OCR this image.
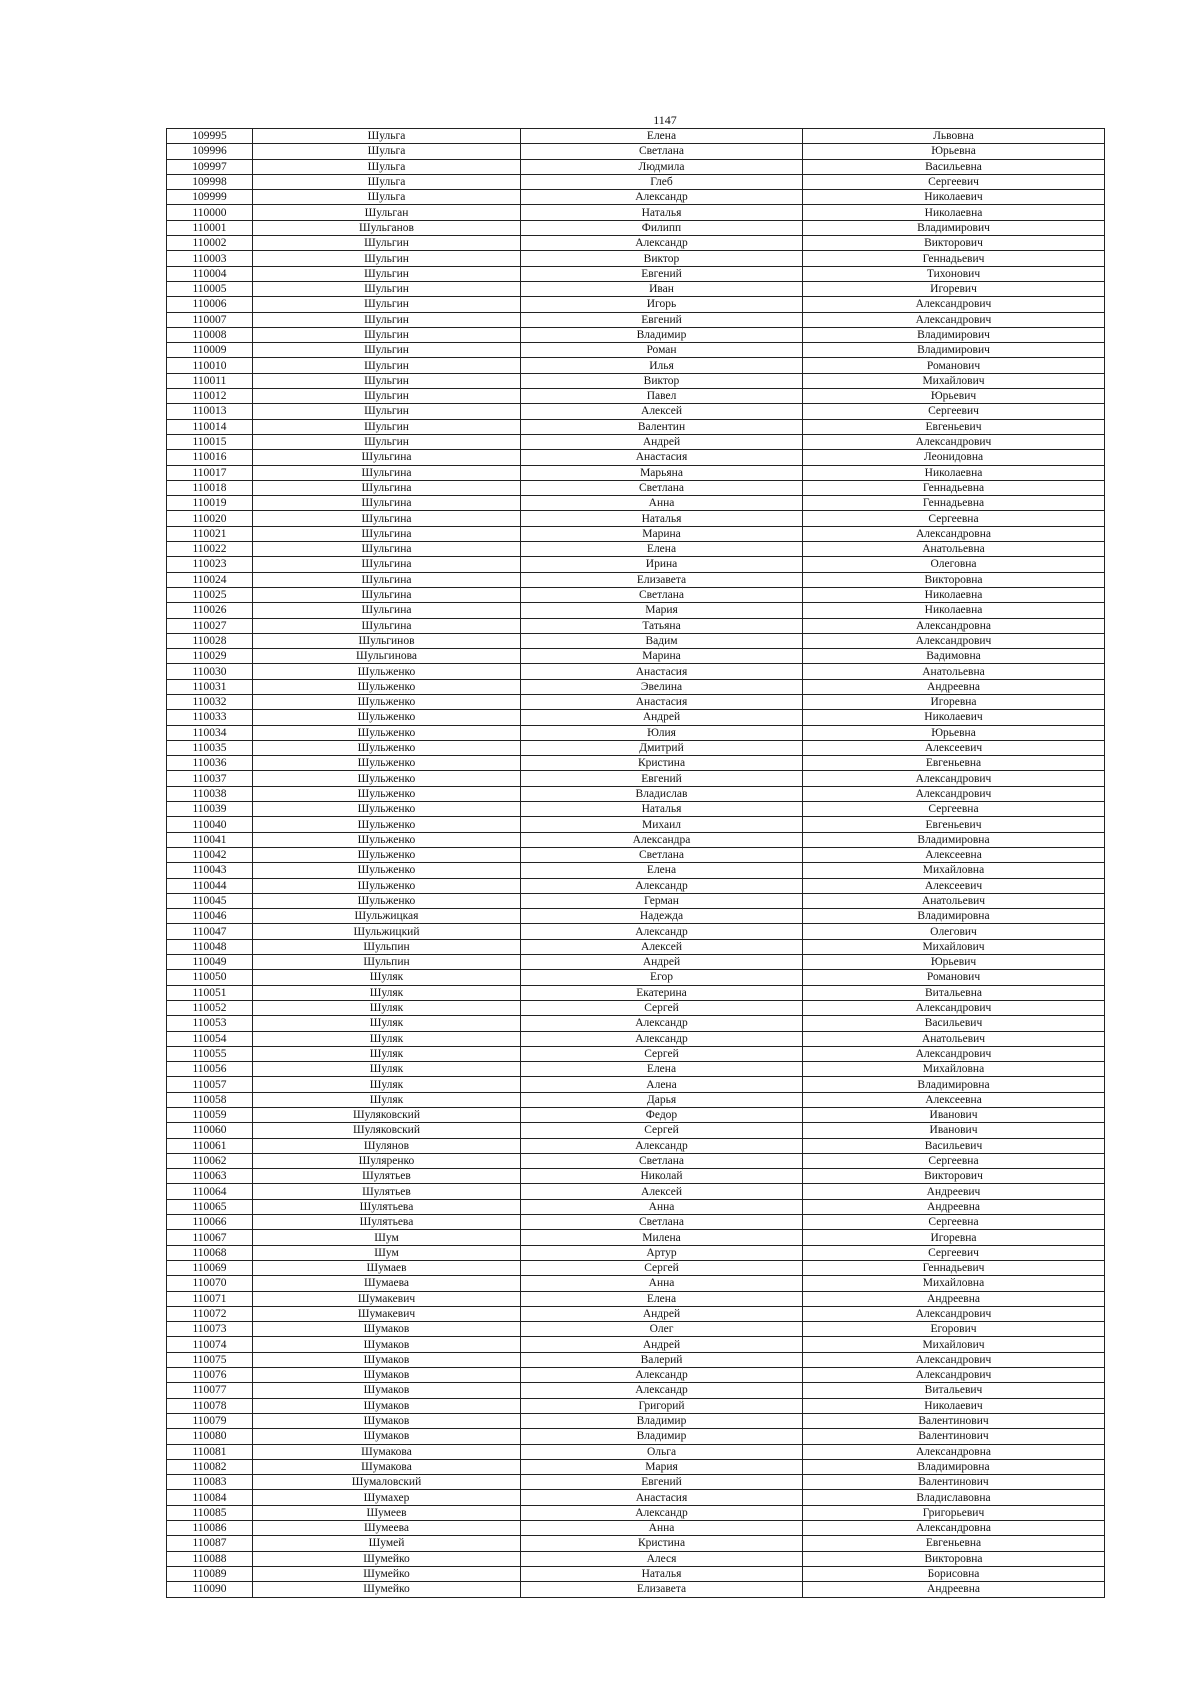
1147
109995	Шульга	Елена	Львовна
109996	Шульга	Светлана	Юрьевна
109997	Шульга	Людмила	Васильевна
109998	Шульга	Глеб	Сергеевич
109999	Шульга	Александр	Николаевич
110000	Шульган	Наталья	Николаевна
110001	Шульганов	Филипп	Владимирович
110002	Шульгин	Александр	Викторович
110003	Шульгин	Виктор	Геннадьевич
110004	Шульгин	Евгений	Тихонович
110005	Шульгин	Иван	Игоревич
110006	Шульгин	Игорь	Александрович
110007	Шульгин	Евгений	Александрович
110008	Шульгин	Владимир	Владимирович
110009	Шульгин	Роман	Владимирович
110010	Шульгин	Илья	Романович
110011	Шульгин	Виктор	Михайлович
110012	Шульгин	Павел	Юрьевич
110013	Шульгин	Алексей	Сергеевич
110014	Шульгин	Валентин	Евгеньевич
110015	Шульгин	Андрей	Александрович
110016	Шульгина	Анастасия	Леонидовна
110017	Шульгина	Марьяна	Николаевна
110018	Шульгина	Светлана	Геннадьевна
110019	Шульгина	Анна	Геннадьевна
110020	Шульгина	Наталья	Сергеевна
110021	Шульгина	Марина	Александровна
110022	Шульгина	Елена	Анатольевна
110023	Шульгина	Ирина	Олеговна
110024	Шульгина	Елизавета	Викторовна
110025	Шульгина	Светлана	Николаевна
110026	Шульгина	Мария	Николаевна
110027	Шульгина	Татьяна	Александровна
110028	Шульгинов	Вадим	Александрович
110029	Шульгинова	Марина	Вадимовна
110030	Шульженко	Анастасия	Анатольевна
110031	Шульженко	Эвелина	Андреевна
110032	Шульженко	Анастасия	Игоревна
110033	Шульженко	Андрей	Николаевич
110034	Шульженко	Юлия	Юрьевна
110035	Шульженко	Дмитрий	Алексеевич
110036	Шульженко	Кристина	Евгеньевна
110037	Шульженко	Евгений	Александрович
110038	Шульженко	Владислав	Александрович
110039	Шульженко	Наталья	Сергеевна
110040	Шульженко	Михаил	Евгеньевич
110041	Шульженко	Александра	Владимировна
110042	Шульженко	Светлана	Алексеевна
110043	Шульженко	Елена	Михайловна
110044	Шульженко	Александр	Алексеевич
110045	Шульженко	Герман	Анатольевич
110046	Шульжицкая	Надежда	Владимировна
110047	Шульжицкий	Александр	Олегович
110048	Шульпин	Алексей	Михайлович
110049	Шульпин	Андрей	Юрьевич
110050	Шуляк	Егор	Романович
110051	Шуляк	Екатерина	Витальевна
110052	Шуляк	Сергей	Александрович
110053	Шуляк	Александр	Васильевич
110054	Шуляк	Александр	Анатольевич
110055	Шуляк	Сергей	Александрович
110056	Шуляк	Елена	Михайловна
110057	Шуляк	Алена	Владимировна
110058	Шуляк	Дарья	Алексеевна
110059	Шуляковский	Федор	Иванович
110060	Шуляковский	Сергей	Иванович
110061	Шулянов	Александр	Васильевич
110062	Шуляренко	Светлана	Сергеевна
110063	Шулятьев	Николай	Викторович
110064	Шулятьев	Алексей	Андреевич
110065	Шулятьева	Анна	Андреевна
110066	Шулятьева	Светлана	Сергеевна
110067	Шум	Милена	Игоревна
110068	Шум	Артур	Сергеевич
110069	Шумаев	Сергей	Геннадьевич
110070	Шумаева	Анна	Михайловна
110071	Шумакевич	Елена	Андреевна
110072	Шумакевич	Андрей	Александрович
110073	Шумаков	Олег	Егорович
110074	Шумаков	Андрей	Михайлович
110075	Шумаков	Валерий	Александрович
110076	Шумаков	Александр	Александрович
110077	Шумаков	Александр	Витальевич
110078	Шумаков	Григорий	Николаевич
110079	Шумаков	Владимир	Валентинович
110080	Шумаков	Владимир	Валентинович
110081	Шумакова	Ольга	Александровна
110082	Шумакова	Мария	Владимировна
110083	Шумаловский	Евгений	Валентинович
110084	Шумахер	Анастасия	Владиславовна
110085	Шумеев	Александр	Григорьевич
110086	Шумеева	Анна	Александровна
110087	Шумей	Кристина	Евгеньевна
110088	Шумейко	Алеся	Викторовна
110089	Шумейко	Наталья	Борисовна
110090	Шумейко	Елизавета	Андреевна
